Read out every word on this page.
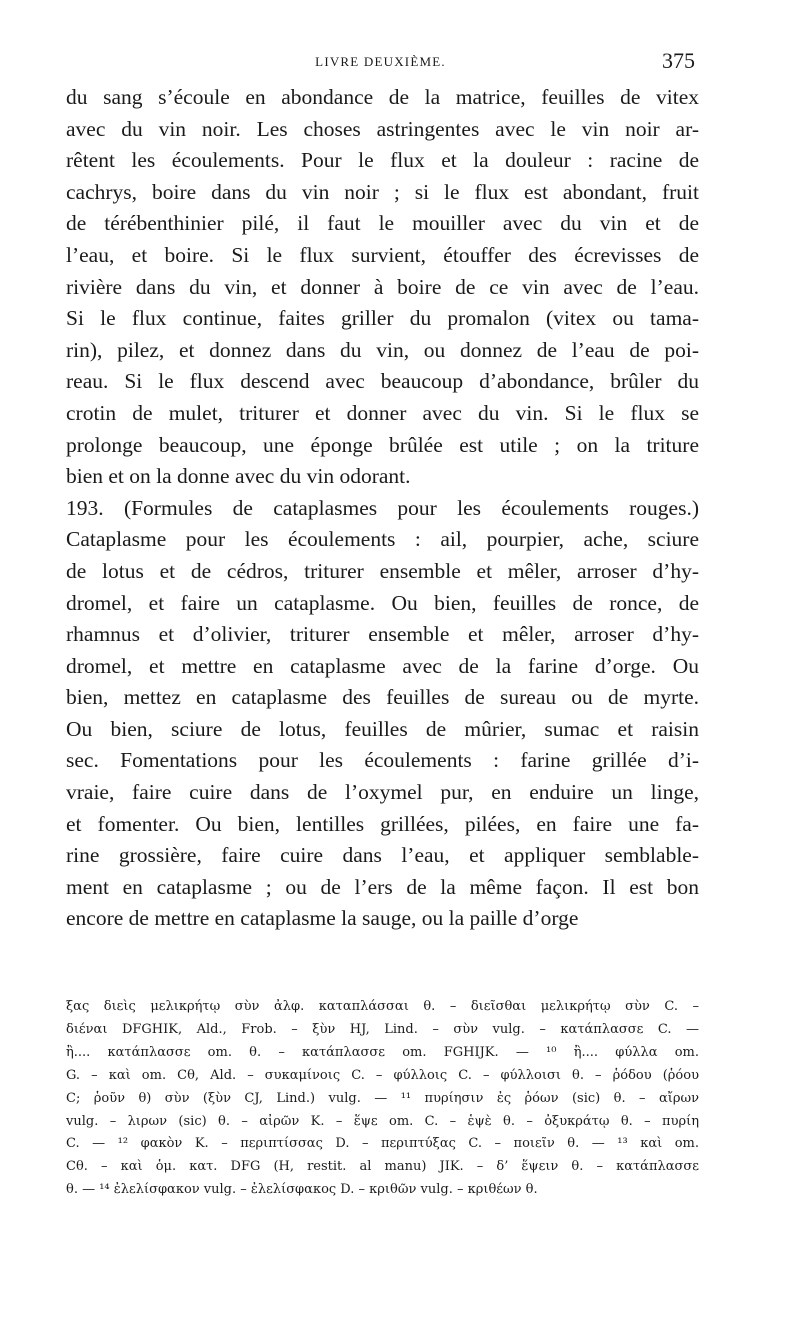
LIVRE DEUXIÈME.	375
du sang s’écoule en abondance de la matrice, feuilles de vitex
avec du vin noir. Les choses astringentes avec le vin noir ar-
rêtent les écoulements. Pour le flux et la douleur : racine de
cachrys, boire dans du vin noir ; si le flux est abondant, fruit
de térébenthinier pilé, il faut le mouiller avec du vin et de
l’eau, et boire. Si le flux survient, étouffer des écrevisses de
rivière dans du vin, et donner à boire de ce vin avec de l’eau.
Si le flux continue, faites griller du promalon (vitex ou tama-
rin), pilez, et donnez dans du vin, ou donnez de l’eau de poi-
reau. Si le flux descend avec beaucoup d’abondance, brûler du
crotin de mulet, triturer et donner avec du vin. Si le flux se
prolonge beaucoup, une éponge brûlée est utile ; on la triture
bien et on la donne avec du vin odorant.
193. (Formules de cataplasmes pour les écoulements rouges.)
Cataplasme pour les écoulements : ail, pourpier, ache, sciure
de lotus et de cédros, triturer ensemble et mêler, arroser d’hy-
dromel, et faire un cataplasme. Ou bien, feuilles de ronce, de
rhamnus et d’olivier, triturer ensemble et mêler, arroser d’hy-
dromel, et mettre en cataplasme avec de la farine d’orge. Ou
bien, mettez en cataplasme des feuilles de sureau ou de myrte.
Ou bien, sciure de lotus, feuilles de mûrier, sumac et raisin
sec. Fomentations pour les écoulements : farine grillée d’i-
vraie, faire cuire dans de l’oxymel pur, en enduire un linge,
et fomenter. Ou bien, lentilles grillées, pilées, en faire une fa-
rine grossière, faire cuire dans l’eau, et appliquer semblable-
ment en cataplasme ; ou de l’ers de la même façon. Il est bon
encore de mettre en cataplasme la sauge, ou la paille d’orge
ξας διεὶς μελικρήτῳ σὺν ἀλφ. καταπλάσσαι θ. – διεῖσθαι μελικρήτῳ σὺν C. –
διέναι DFGHIK, Ald., Frob. – ξὺν HJ, Lind. – σὺν vulg. – κατάπλασσε C. —
ἢ.... κατάπλασσε om. θ. – κατάπλασσε om. FGHIJK. — ¹⁰ ἢ.... φύλλα om.
G. – καὶ om. Cθ, Ald. – συκαμίνοις C. – φύλλοις C. – φύλλοισι θ. – ῥόδου (ῥόου
C; ῥοῦν θ) σὺν (ξὺν CJ, Lind.) vulg. — ¹¹ πυρίησιν ἐς ῥόων (sic) θ. – αἴρων
vulg. – λιρων (sic) θ. – αἰρῶν K. – ἕψε om. C. – ἑψὲ θ. – ὀξυκράτῳ θ. – πυρίη
C. — ¹² φακὸν K. – περιπτίσσας D. – περιπτύξας C. – ποιεῖν θ. — ¹³ καὶ om.
Cθ. – καὶ ὁμ. κατ. DFG (H, restit. al manu) JIK. – δ’ ἕψειν θ. – κατάπλασσε
θ. — ¹⁴ ἐλελίσφακον vulg. – ἐλελίσφακος D. – κριθῶν vulg. – κριθέων θ.
